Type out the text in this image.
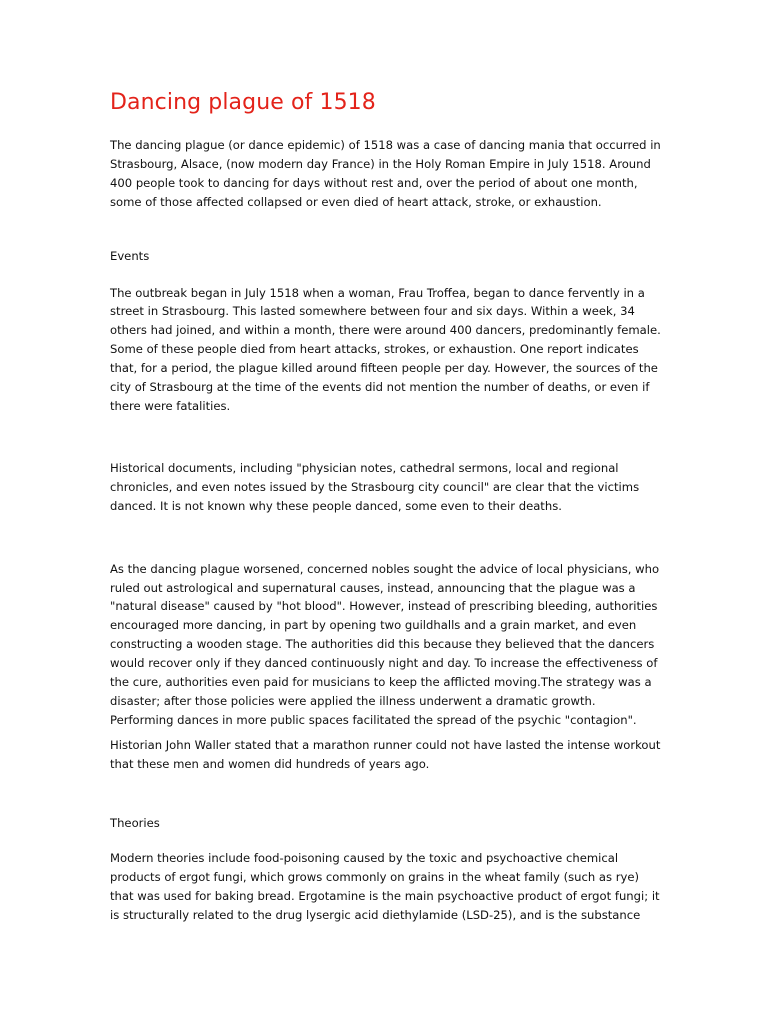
Dancing plague of 1518

The dancing plague (or dance epidemic) of 1518 was a case of dancing mania that occurred in Strasbourg, Alsace, (now modern day France) in the Holy Roman Empire in July 1518. Around 400 people took to dancing for days without rest and, over the period of about one month, some of those affected collapsed or even died of heart attack, stroke, or exhaustion.

Events

The outbreak began in July 1518 when a woman, Frau Troffea, began to dance fervently in a street in Strasbourg. This lasted somewhere between four and six days. Within a week, 34 others had joined, and within a month, there were around 400 dancers, predominantly female. Some of these people died from heart attacks, strokes, or exhaustion. One report indicates that, for a period, the plague killed around fifteen people per day. However, the sources of the city of Strasbourg at the time of the events did not mention the number of deaths, or even if there were fatalities.

Historical documents, including "physician notes, cathedral sermons, local and regional chronicles, and even notes issued by the Strasbourg city council" are clear that the victims danced. It is not known why these people danced, some even to their deaths.

As the dancing plague worsened, concerned nobles sought the advice of local physicians, who ruled out astrological and supernatural causes, instead, announcing that the plague was a "natural disease" caused by "hot blood". However, instead of prescribing bleeding, authorities encouraged more dancing, in part by opening two guildhalls and a grain market, and even constructing a wooden stage. The authorities did this because they believed that the dancers would recover only if they danced continuously night and day. To increase the effectiveness of the cure, authorities even paid for musicians to keep the afflicted moving.The strategy was a disaster; after those policies were applied the illness underwent a dramatic growth. Performing dances in more public spaces facilitated the spread of the psychic "contagion".

Historian John Waller stated that a marathon runner could not have lasted the intense workout that these men and women did hundreds of years ago.

Theories

Modern theories include food-poisoning caused by the toxic and psychoactive chemical products of ergot fungi, which grows commonly on grains in the wheat family (such as rye) that was used for baking bread. Ergotamine is the main psychoactive product of ergot fungi; it is structurally related to the drug lysergic acid diethylamide (LSD-25), and is the substance
